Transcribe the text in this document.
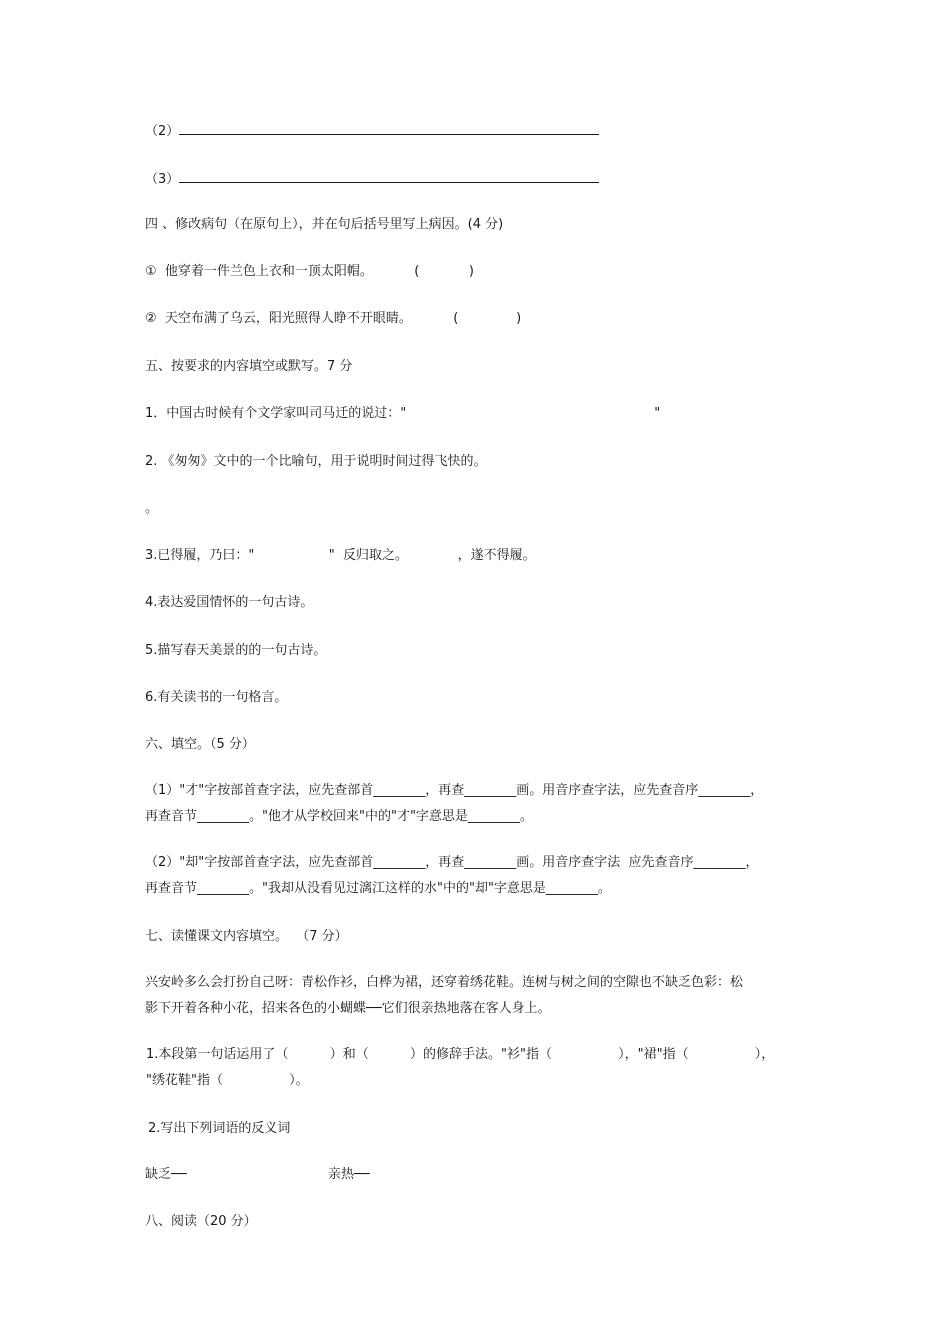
（2）
（3）
四 、修改病句（在原句上），并在句后括号里写上病因。(4 分)
①  他穿着一件兰色上衣和一顶太阳帽。          (            )
②  天空布满了乌云，阳光照得人睁不开眼睛。          (              )
五、按要求的内容填空或默写。7 分
1．中国古时候有个文学家叫司马迁的说过："                                                            "
2. 《匆匆》文中的一个比喻句，用于说明时间过得飞快的。
。
3.已得履，乃曰："                  "  反归取之。            ，遂不得履。
4.表达爱国情怀的一句古诗。
5.描写春天美景的的一句古诗。
6.有关读书的一句格言。
六、填空。（5 分）
（1）"才"字按部首查字法，应先查部首________，再查________画。用音序查字法，应先查音序________，
再查音节________。"他才从学校回来"中的"才"字意思是________。
（2）"却"字按部首查字法，应先查部首________，再查________画。用音序查字法  应先查音序________，
再查音节________。"我却从没看见过漓江这样的水"中的"却"字意思是________。
七、读懂课文内容填空。  （7 分）
兴安岭多么会打扮自己呀：青松作衫，白桦为裙，还穿着绣花鞋。连树与树之间的空隙也不缺乏色彩：松
影下开着各种小花，招来各色的小蝴蝶──它们很亲热地落在客人身上。
1.本段第一句话运用了（          ）和（          ）的修辞手法。"衫"指（                ），"裙"指（                ），
"绣花鞋"指（                ）。
2.写出下列词语的反义词
缺乏──	亲热──
八、阅读（20 分）
